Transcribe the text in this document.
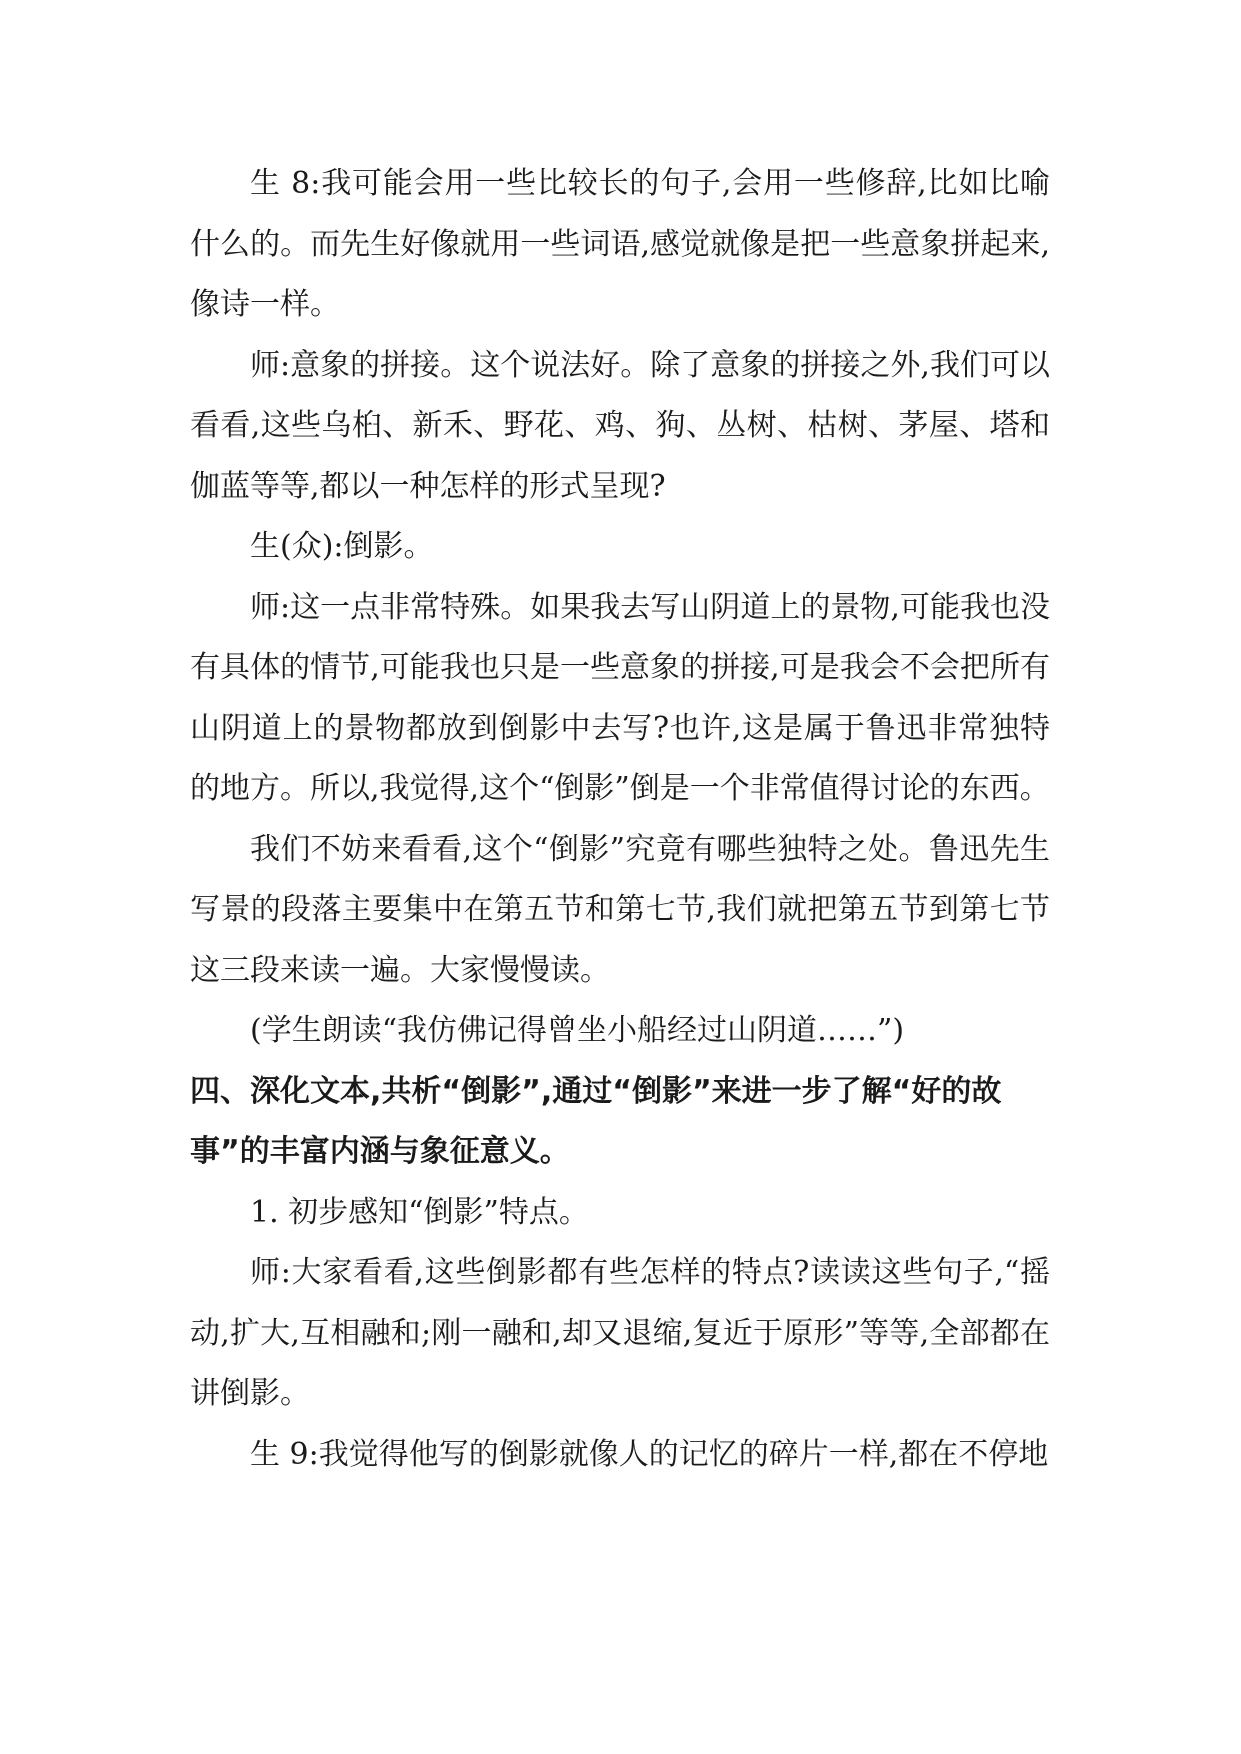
生 8:我可能会用一些比较长的句子,会用一些修辞,比如比喻什么的。而先生好像就用一些词语,感觉就像是把一些意象拼起来,像诗一样。

师:意象的拼接。这个说法好。除了意象的拼接之外,我们可以看看,这些乌桕、新禾、野花、鸡、狗、丛树、枯树、茅屋、塔和伽蓝等等,都以一种怎样的形式呈现?

生(众):倒影。

师:这一点非常特殊。如果我去写山阴道上的景物,可能我也没有具体的情节,可能我也只是一些意象的拼接,可是我会不会把所有山阴道上的景物都放到倒影中去写?也许,这是属于鲁迅非常独特的地方。所以,我觉得,这个“倒影”倒是一个非常值得讨论的东西。

我们不妨来看看,这个“倒影”究竟有哪些独特之处。鲁迅先生写景的段落主要集中在第五节和第七节,我们就把第五节到第七节这三段来读一遍。大家慢慢读。

(学生朗读“我仿佛记得曾坐小船经过山阴道……”)

四、深化文本,共析“倒影”,通过“倒影”来进一步了解“好的故事”的丰富内涵与象征意义。

1. 初步感知“倒影”特点。

师:大家看看,这些倒影都有些怎样的特点?读读这些句子,“摇动,扩大,互相融和;刚一融和,却又退缩,复近于原形”等等,全部都在讲倒影。

生 9:我觉得他写的倒影就像人的记忆的碎片一样,都在不停地
